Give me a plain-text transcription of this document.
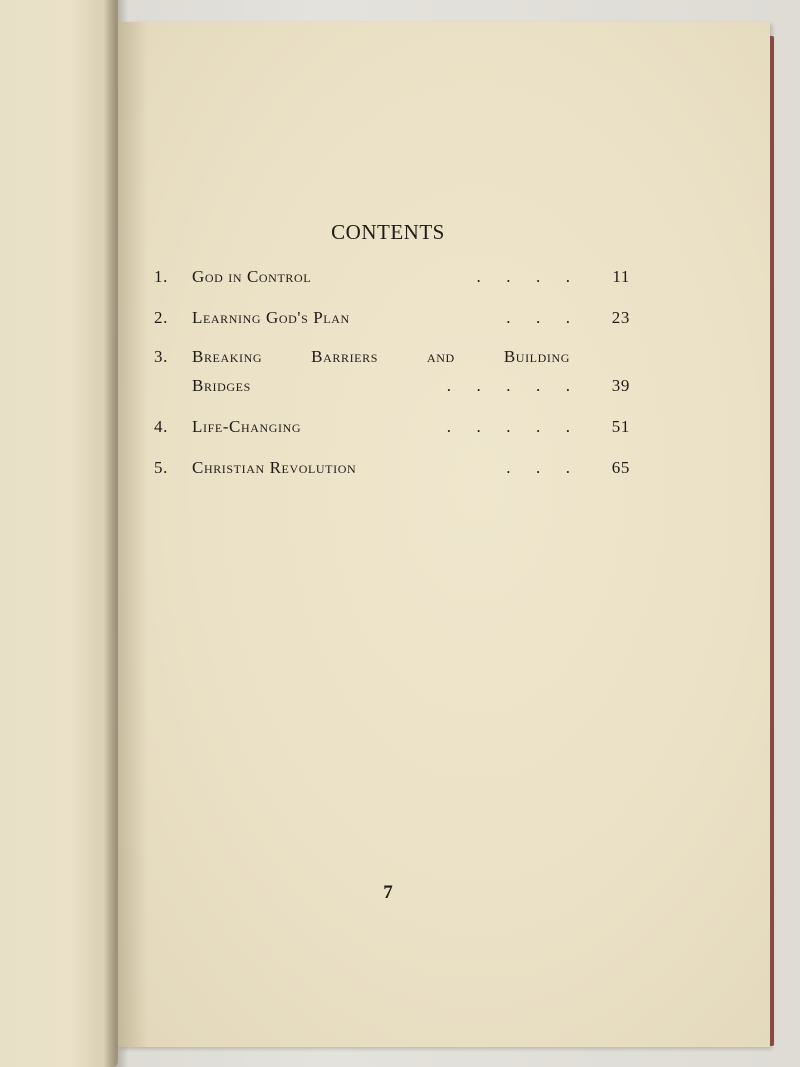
CONTENTS
1.	God in Control	.      .      .      .	11
2.	Learning God's Plan	.      .      .	23
3.	Breaking Barriers and Building
Bridges	.      .      .      .      .	39
4.	Life-Changing	.      .      .      .      .	51
5.	Christian Revolution	.      .      .	65
7
